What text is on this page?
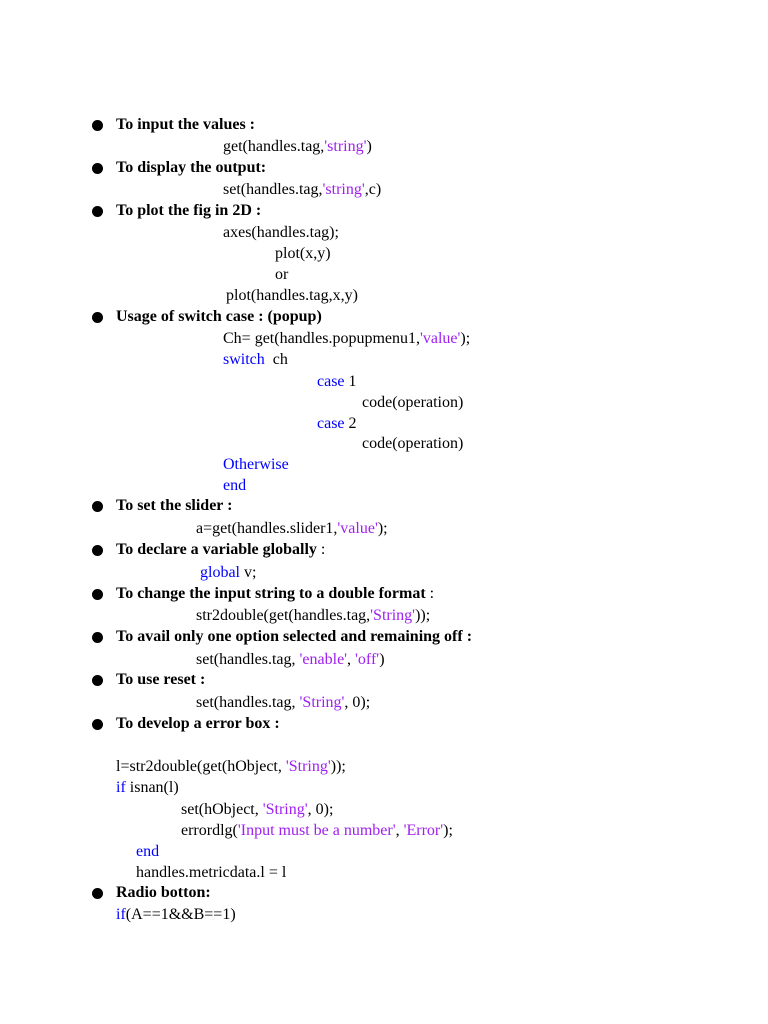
To input the values :
get(handles.tag,'string')
To display the output:
set(handles.tag,'string',c)
To plot the fig in 2D :
axes(handles.tag);
plot(x,y)
or
plot(handles.tag,x,y)
Usage of switch case : (popup)
Ch= get(handles.popupmenu1,'value');
switch  ch
case 1
code(operation)
case 2
code(operation)
Otherwise
end
To set the slider :
a=get(handles.slider1,'value');
To declare a variable globally :
global v;
To change the input string to a double format :
str2double(get(handles.tag,'String'));
To avail only one option selected and remaining off :
set(handles.tag, 'enable', 'off')
To use reset :
set(handles.tag, 'String', 0);
To develop a error box :
l=str2double(get(hObject, 'String'));
if isnan(l)
set(hObject, 'String', 0);
errordlg('Input must be a number', 'Error');
end
handles.metricdata.l = l
Radio botton:
if(A==1&&B==1)
